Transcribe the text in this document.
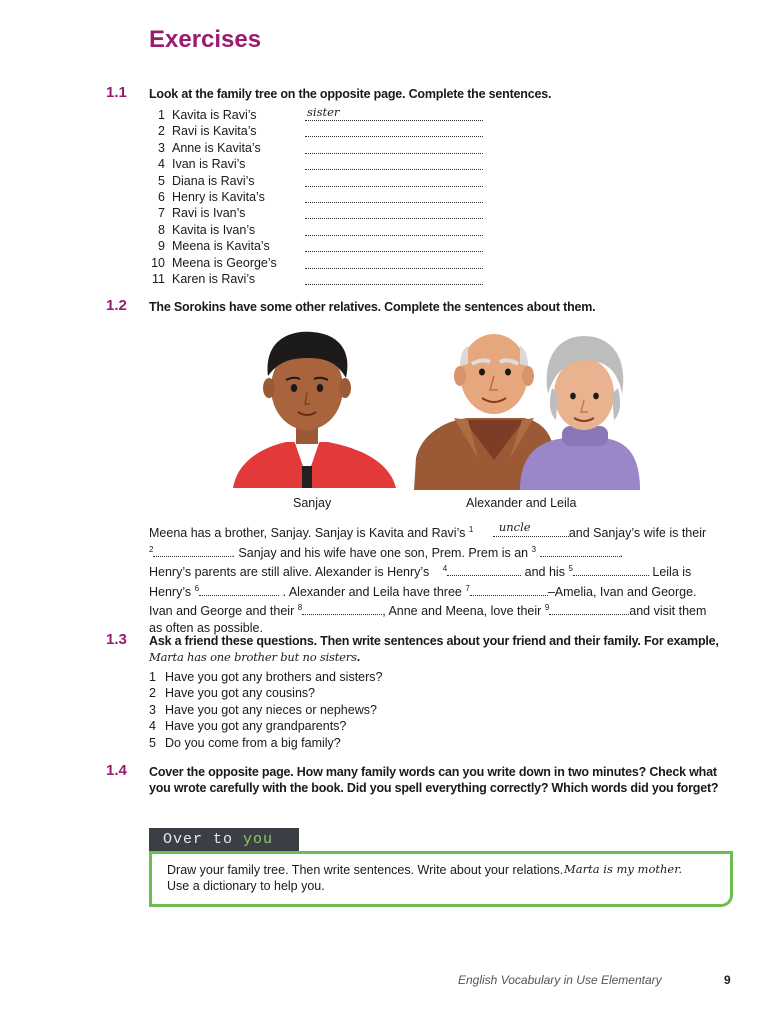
Exercises
1.1 Look at the family tree on the opposite page. Complete the sentences.
1 Kavita is Ravi’s	sister
2 Ravi is Kavita’s
3 Anne is Kavita’s
4 Ivan is Ravi’s
5 Diana is Ravi’s
6 Henry is Kavita’s
7 Ravi is Ivan’s
8 Kavita is Ivan’s
9 Meena is Kavita’s
10 Meena is George’s
11 Karen is Ravi’s
1.2 The Sorokins have some other relatives. Complete the sentences about them.
Sanjay	Alexander and Leila
Meena has a brother, Sanjay. Sanjay is Kavita and Ravi’s $^1$ uncle	and Sanjay’s wife is their
$^2$	. Sanjay and his wife have one son, Prem. Prem is an $^3$	.
Henry’s parents are still alive. Alexander is Henry’s $^4$	and his $^5$	Leila is
Henry’s $^6$	. Alexander and Leila have three $^7$	–Amelia, Ivan and George.
Ivan and George and their $^8$	, Anne and Meena, love their $^9$	and visit them
as often as possible.
1.3 Ask a friend these questions. Then write sentences about your friend and their family. For example, Marta has one brother but no sisters.
1 Have you got any brothers and sisters?
2 Have you got any cousins?
3 Have you got any nieces or nephews?
4 Have you got any grandparents?
5 Do you come from a big family?
1.4 Cover the opposite page. How many family words can you write down in two minutes? Check what you wrote carefully with the book. Did you spell everything correctly? Which words did you forget?
Over to you
Draw your family tree. Then write sentences. Write about your relations.
Use a dictionary to help you.
Marta is my mother.
English Vocabulary in Use Elementary	9
